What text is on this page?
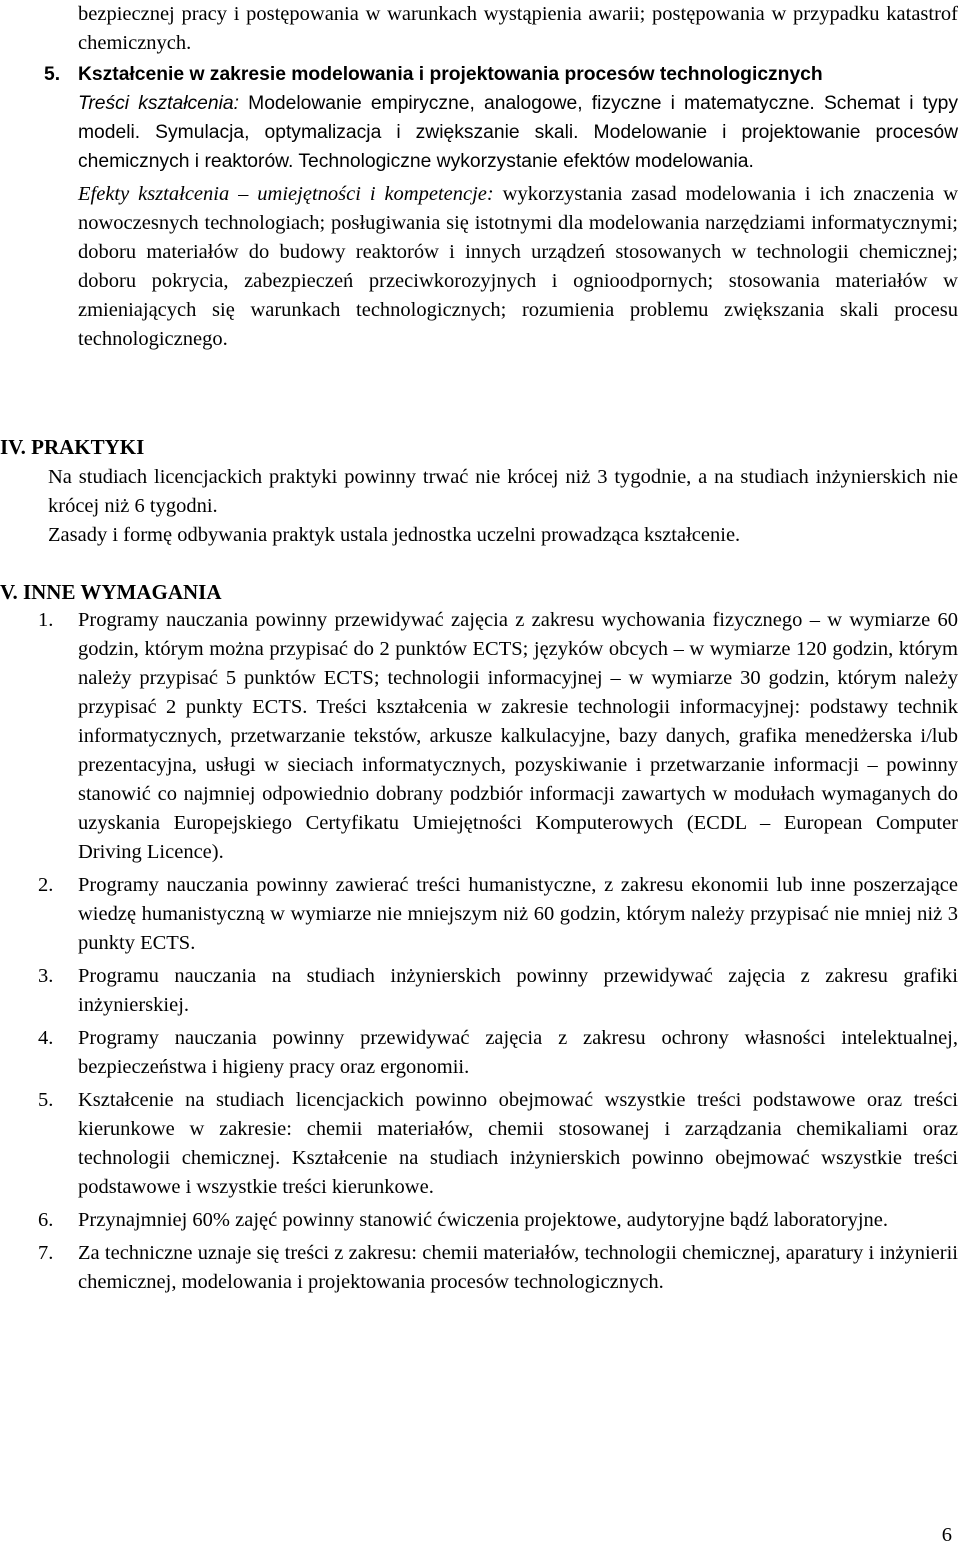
bezpiecznej pracy i postępowania w warunkach wystąpienia awarii; postępowania w przypadku katastrof chemicznych.

5. Kształcenie w zakresie modelowania i projektowania procesów technologicznych

Treści kształcenia: Modelowanie empiryczne, analogowe, fizyczne i matematyczne. Schemat i typy modeli. Symulacja, optymalizacja i zwiększanie skali. Modelowanie i projektowanie procesów chemicznych i reaktorów. Technologiczne wykorzystanie efektów modelowania.

Efekty kształcenia – umiejętności i kompetencje: wykorzystania zasad modelowania i ich znaczenia w nowoczesnych technologiach; posługiwania się istotnymi dla modelowania narzędziami informatycznymi; doboru materiałów do budowy reaktorów i innych urządzeń stosowanych w technologii chemicznej; doboru pokrycia, zabezpieczeń przeciwkorozyjnych i ognioodpornych; stosowania materiałów w zmieniających się warunkach technologicznych; rozumienia problemu zwiększania skali procesu technologicznego.

IV. PRAKTYKI

Na studiach licencjackich praktyki powinny trwać nie krócej niż 3 tygodnie, a na studiach inżynierskich nie krócej niż 6 tygodni.

Zasady i formę odbywania praktyk ustala jednostka uczelni prowadząca kształcenie.

V. INNE WYMAGANIA
1. Programy nauczania powinny przewidywać zajęcia z zakresu wychowania fizycznego – w wymiarze 60 godzin, którym można przypisać do 2 punktów ECTS; języków obcych – w wymiarze 120 godzin, którym należy przypisać 5 punktów ECTS; technologii informacyjnej – w wymiarze 30 godzin, którym należy przypisać 2 punkty ECTS. Treści kształcenia w zakresie technologii informacyjnej: podstawy technik informatycznych, przetwarzanie tekstów, arkusze kalkulacyjne, bazy danych, grafika menedżerska i/lub prezentacyjna, usługi w sieciach informatycznych, pozyskiwanie i przetwarzanie informacji – powinny stanowić co najmniej odpowiednio dobrany podzbiór informacji zawartych w modułach wymaganych do uzyskania Europejskiego Certyfikatu Umiejętności Komputerowych (ECDL – European Computer Driving Licence).
2. Programy nauczania powinny zawierać treści humanistyczne, z zakresu ekonomii lub inne poszerzające wiedzę humanistyczną w wymiarze nie mniejszym niż 60 godzin, którym należy przypisać nie mniej niż 3 punkty ECTS.
3. Programu nauczania na studiach inżynierskich powinny przewidywać zajęcia z zakresu grafiki inżynierskiej.
4. Programy nauczania powinny przewidywać zajęcia z zakresu ochrony własności intelektualnej, bezpieczeństwa i higieny pracy oraz ergonomii.
5. Kształcenie na studiach licencjackich powinno obejmować wszystkie treści podstawowe oraz treści kierunkowe w zakresie: chemii materiałów, chemii stosowanej i zarządzania chemikaliami oraz technologii chemicznej. Kształcenie na studiach inżynierskich powinno obejmować wszystkie treści podstawowe i wszystkie treści kierunkowe.
6. Przynajmniej 60% zajęć powinny stanowić ćwiczenia projektowe, audytoryjne bądź laboratoryjne.
7. Za techniczne uznaje się treści z zakresu: chemii materiałów, technologii chemicznej, aparatury i inżynierii chemicznej, modelowania i projektowania procesów technologicznych.
6
